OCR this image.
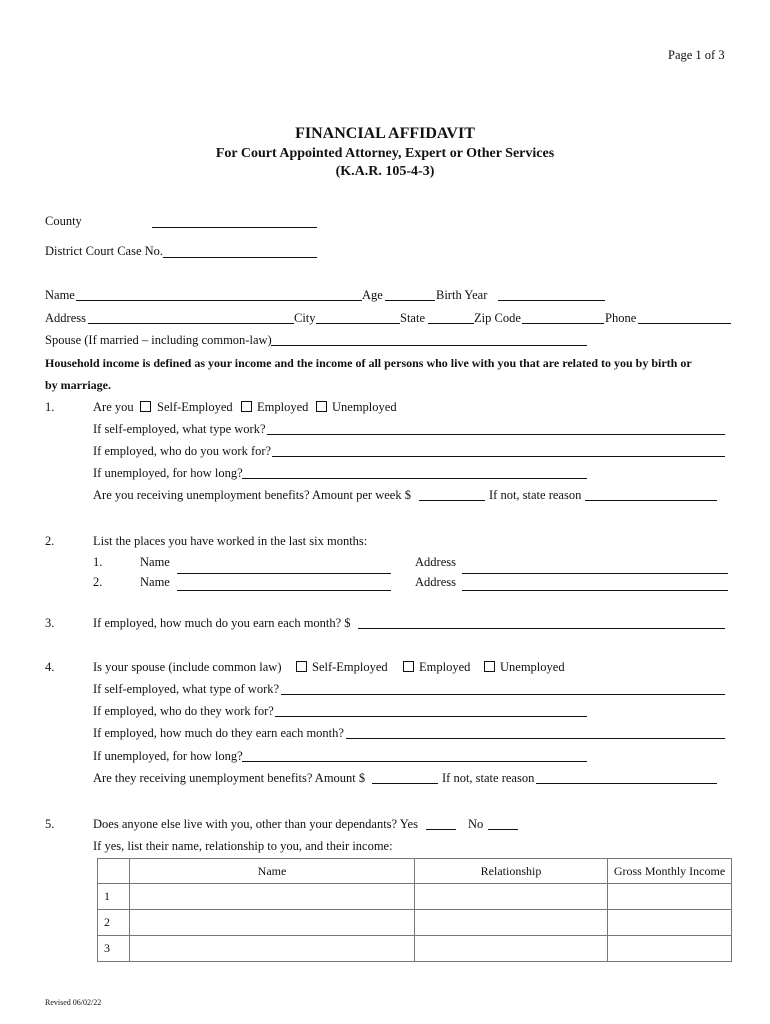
Page 1 of 3
FINANCIAL AFFIDAVIT
For Court Appointed Attorney, Expert or Other Services
(K.A.R. 105-4-3)
County
District Court Case No.
Name	Age	Birth Year
Address	City	State	Zip Code	Phone
Spouse (If married – including common-law)
Household income is defined as your income and the income of all persons who live with you that are related to you by birth or
by marriage.
1.	Are you Self-Employed Employed Unemployed
If self-employed, what type work?
If employed, who do you work for?
If unemployed, for how long?
Are you receiving unemployment benefits? Amount per week $	If not, state reason
2.	List the places you have worked in the last six months:
1.	Name	Address
2.	Name	Address
3.	If employed, how much do you earn each month? $
4.	Is your spouse (include common law) Self-Employed	Employed Unemployed
If self-employed, what type of work?
If employed, who do they work for?
If employed, how much do they earn each month?
If unemployed, for how long?
Are they receiving unemployment benefits? Amount $	If not, state reason
5.	Does anyone else live with you, other than your dependants? Yes	No
If yes, list their name, relationship to you, and their income:
	Name	Relationship	Gross Monthly Income
1			
2			
3			
Revised 06/02/22
